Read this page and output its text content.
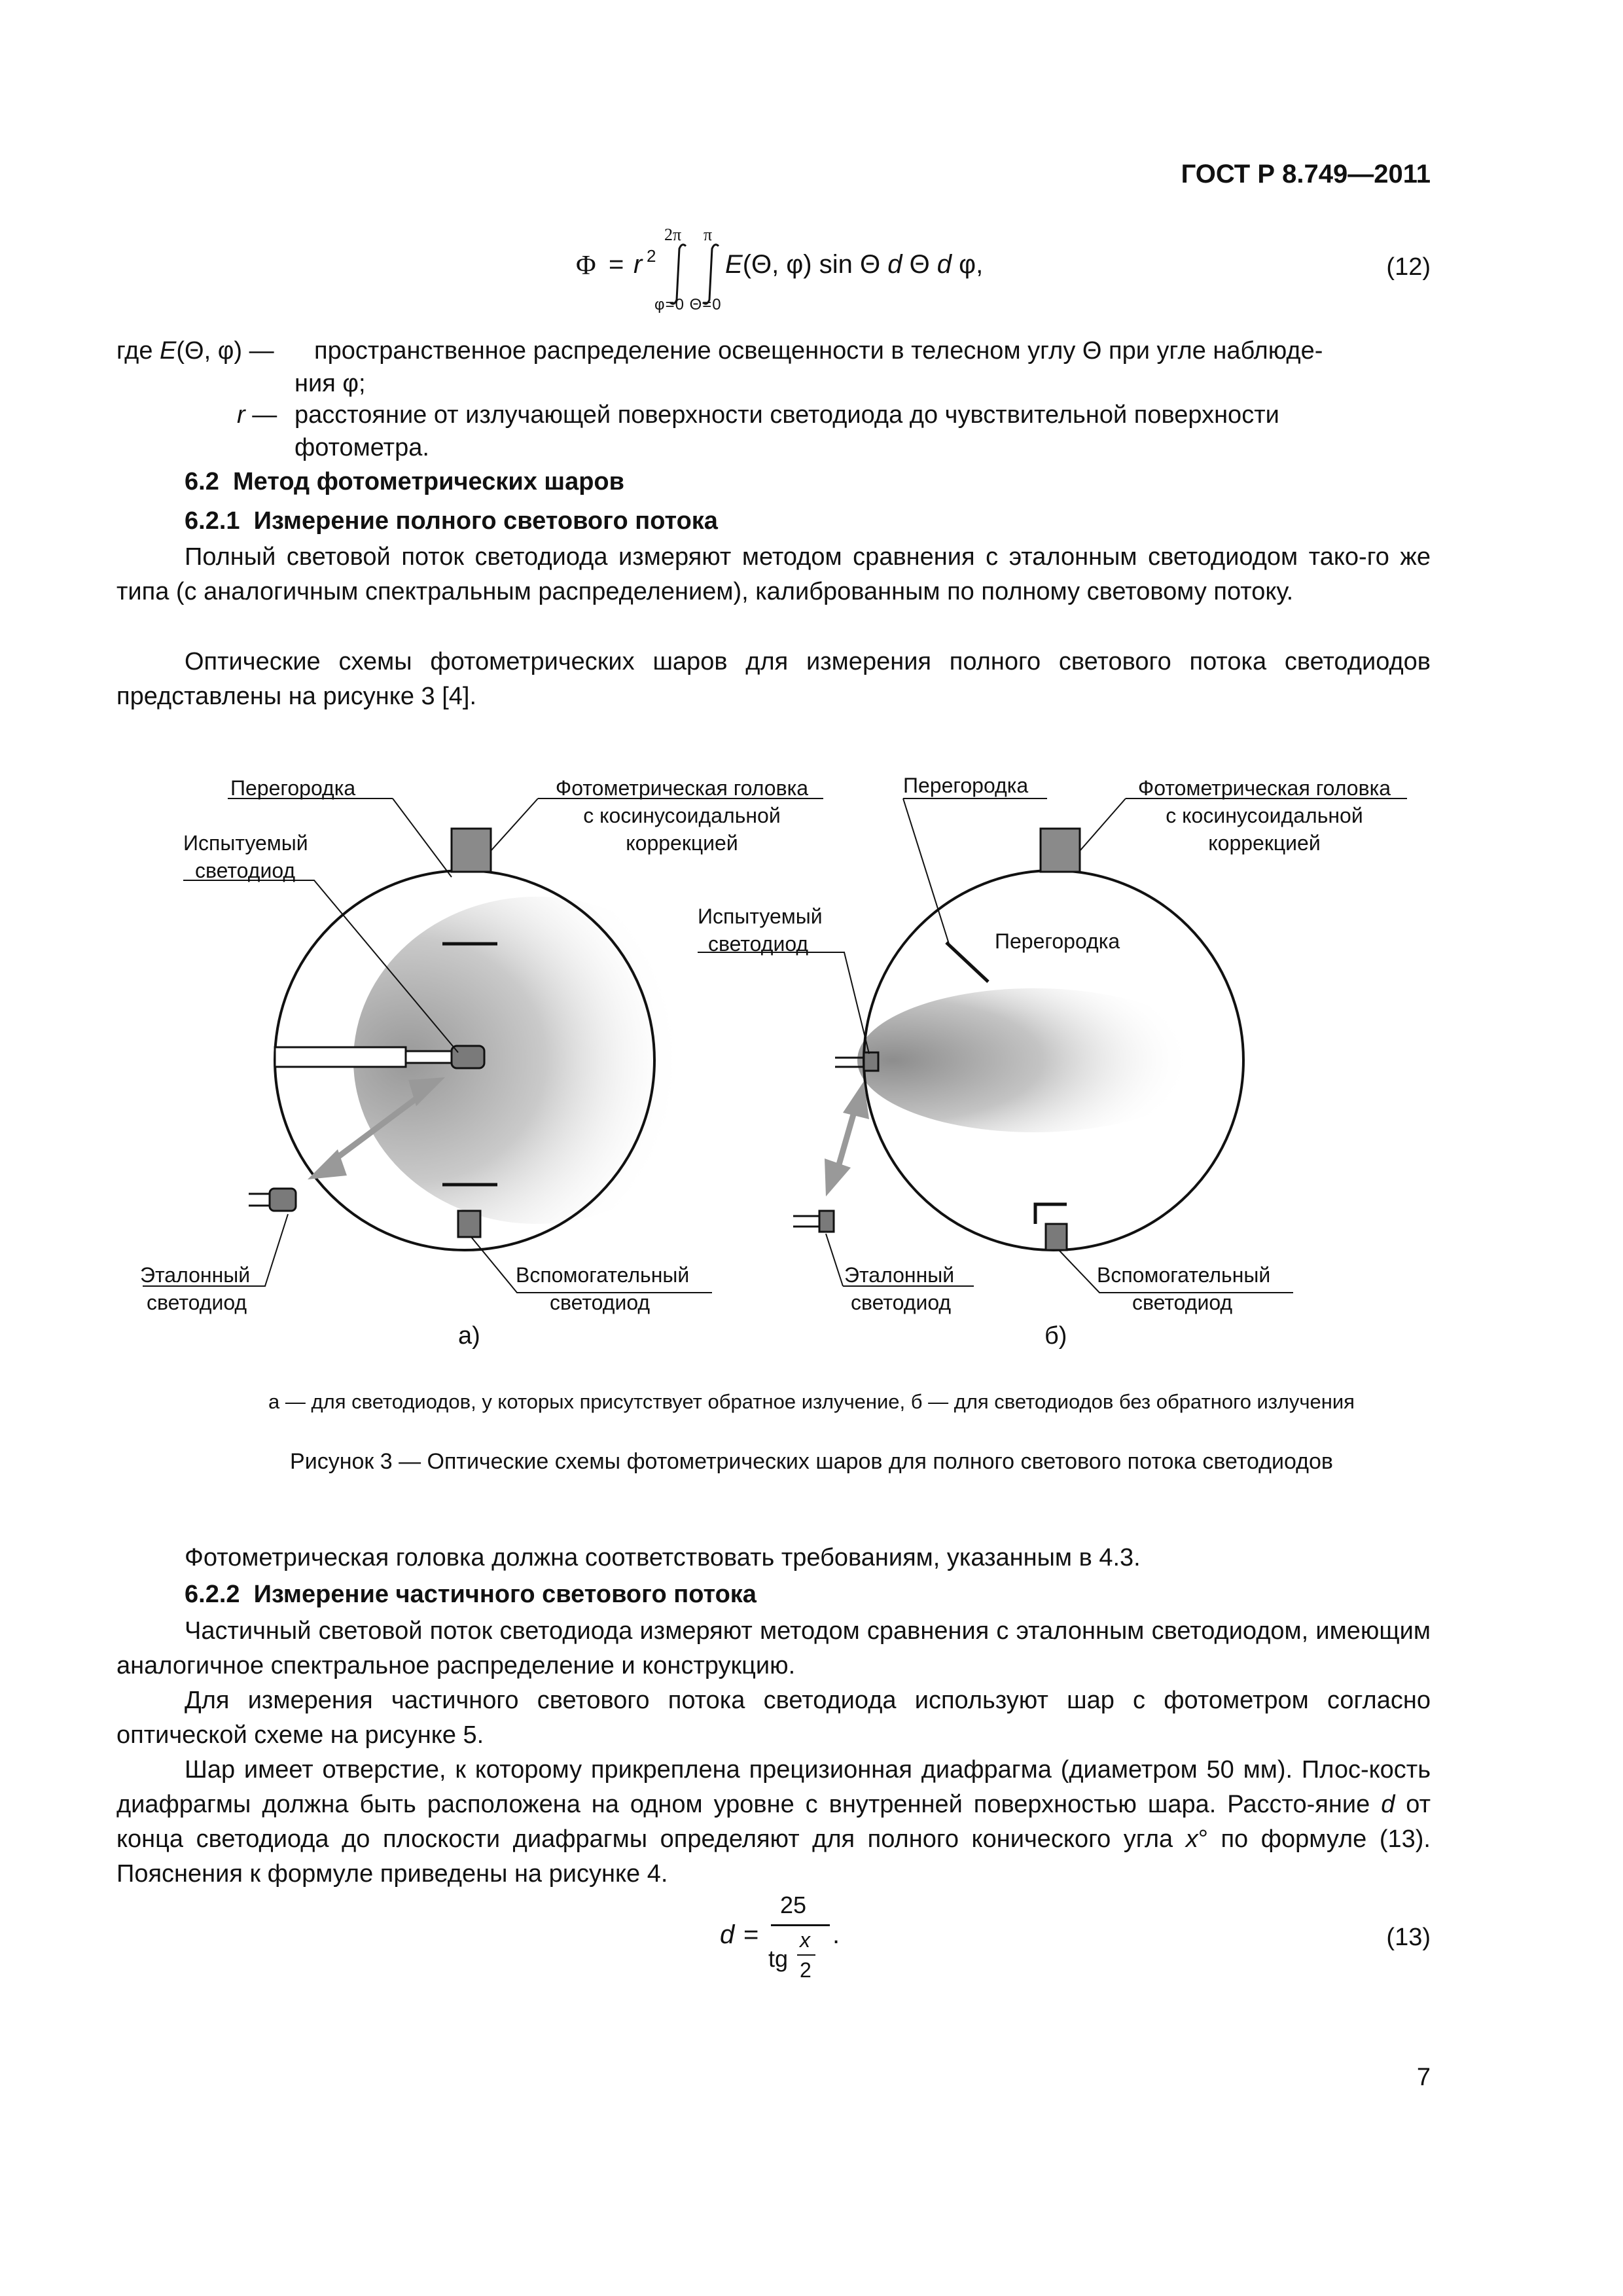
ГОСТ Р 8.749—2011
Φ = r 2
2π π
φ=0 Θ=0
E(Θ, φ) sin Θ d Θ d φ,	(12)
где E(Θ, φ) — пространственное распределение освещенности в телесном углу Θ при угле наблюде-
ния φ;
r — расстояние от излучающей поверхности светодиода до чувствительной поверхности
фотометра.
6.2 Метод фотометрических шаров
6.2.1 Измерение полного светового потока
Полный световой поток светодиода измеряют методом сравнения с эталонным светодиодом тако-го же типа (с аналогичным спектральным распределением), калиброванным по полному световому потоку.
Оптические схемы фотометрических шаров для измерения полного светового потока светодиодов представлены на рисунке 3 [4].
Перегородка	Фотометрическая головка
с косинусоидальной
коррекцией
Испытуемый
светодиод
Эталонный
светодиод
Вспомогательный
светодиод
а)
Перегородка	Фотометрическая головка
с косинусоидальной
коррекцией
Испытуемый
светодиод	Перегородка
Эталонный
светодиод
Вспомогательный
светодиод
б)
а — для светодиодов, у которых присутствует обратное излучение, б — для светодиодов без обратного излучения
Рисунок 3 — Оптические схемы фотометрических шаров для полного светового потока светодиодов
Фотометрическая головка должна соответствовать требованиям, указанным в 4.3.
6.2.2 Измерение частичного светового потока
Частичный световой поток светодиода измеряют методом сравнения с эталонным светодиодом, имеющим аналогичное спектральное распределение и конструкцию.
Для измерения частичного светового потока светодиода используют шар с фотометром согласно оптической схеме на рисунке 5.
Шар имеет отверстие, к которому прикреплена прецизионная диафрагма (диаметром 50 мм). Плос-кость диафрагмы должна быть расположена на одном уровне с внутренней поверхностью шара. Рассто-яние d от конца светодиода до плоскости диафрагмы определяют для полного конического угла x° по формуле (13). Пояснения к формуле приведены на рисунке 4.
d =
25
tg
x
2
.	(13)
7
